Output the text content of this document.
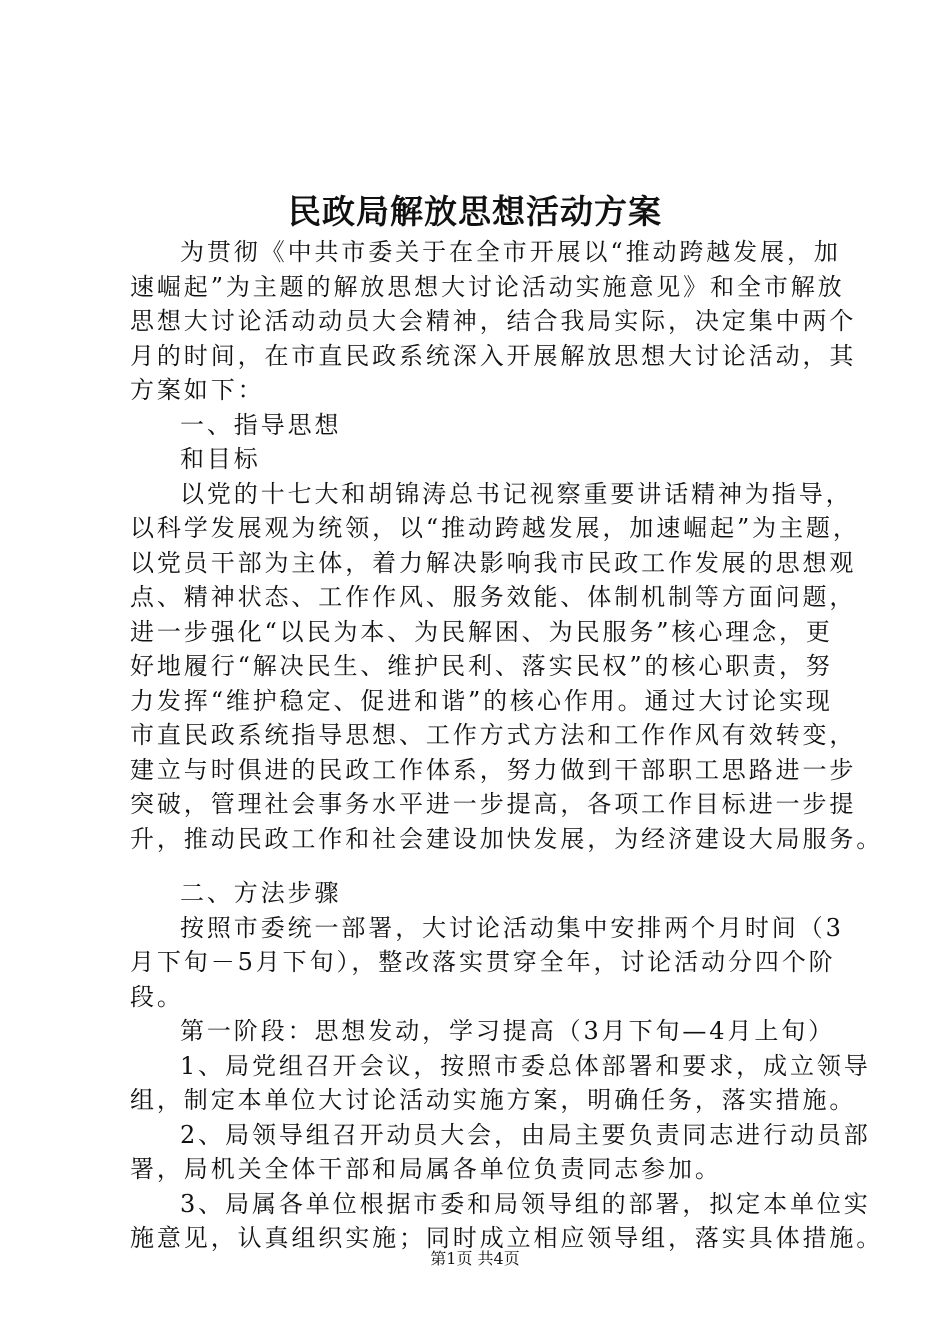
民政局解放思想活动方案
为贯彻《中共市委关于在全市开展以“推动跨越发展，加
速崛起”为主题的解放思想大讨论活动实施意见》和全市解放
思想大讨论活动动员大会精神，结合我局实际，决定集中两个
月的时间，在市直民政系统深入开展解放思想大讨论活动，其
方案如下：
一、指导思想
和目标
以党的十七大和胡锦涛总书记视察重要讲话精神为指导，
以科学发展观为统领，以“推动跨越发展，加速崛起”为主题，
以党员干部为主体，着力解决影响我市民政工作发展的思想观
点、精神状态、工作作风、服务效能、体制机制等方面问题，
进一步强化“以民为本、为民解困、为民服务”核心理念，更
好地履行“解决民生、维护民利、落实民权”的核心职责，努
力发挥“维护稳定、促进和谐”的核心作用。通过大讨论实现
市直民政系统指导思想、工作方式方法和工作作风有效转变，
建立与时俱进的民政工作体系，努力做到干部职工思路进一步
突破，管理社会事务水平进一步提高，各项工作目标进一步提
升，推动民政工作和社会建设加快发展，为经济建设大局服务。
二、方法步骤
按照市委统一部署，大讨论活动集中安排两个月时间（3
月下旬－5月下旬），整改落实贯穿全年，讨论活动分四个阶
段。
第一阶段：思想发动，学习提高（3月下旬—4月上旬）
1、局党组召开会议，按照市委总体部署和要求，成立领导
组，制定本单位大讨论活动实施方案，明确任务，落实措施。
2、局领导组召开动员大会，由局主要负责同志进行动员部
署，局机关全体干部和局属各单位负责同志参加。
3、局属各单位根据市委和局领导组的部署，拟定本单位实
施意见，认真组织实施；同时成立相应领导组，落实具体措施。
第1页 共4页
